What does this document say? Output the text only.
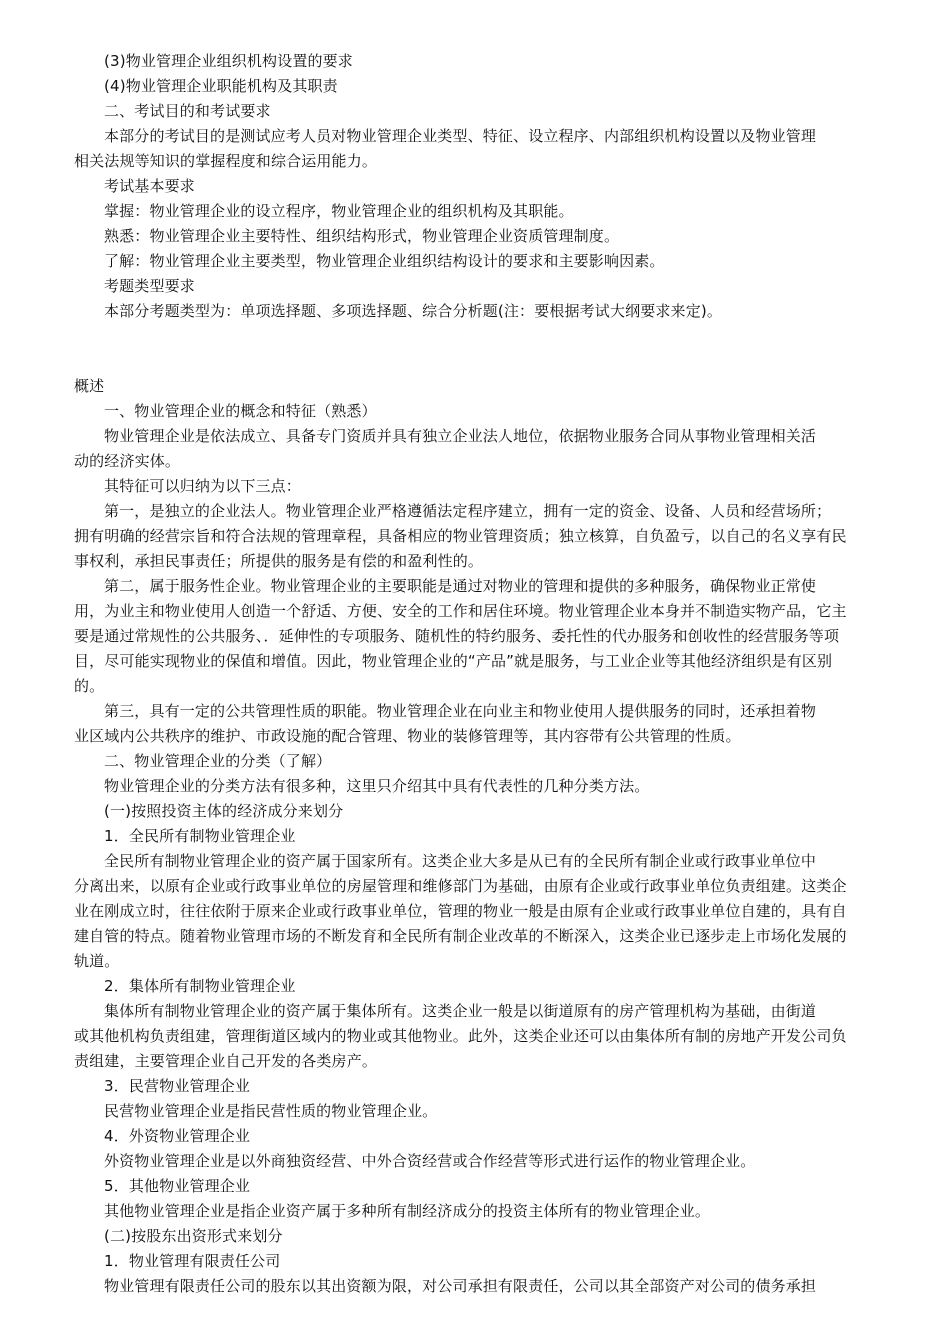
(3)物业管理企业组织机构设置的要求
(4)物业管理企业职能机构及其职责
二、考试目的和考试要求
本部分的考试目的是测试应考人员对物业管理企业类型、特征、设立程序、内部组织机构设置以及物业管理
相关法规等知识的掌握程度和综合运用能力。
考试基本要求
掌握：物业管理企业的设立程序，物业管理企业的组织机构及其职能。
熟悉：物业管理企业主要特性、组织结构形式，物业管理企业资质管理制度。
了解：物业管理企业主要类型，物业管理企业组织结构设计的要求和主要影响因素。
考题类型要求
本部分考题类型为：单项选择题、多项选择题、综合分析题(注：要根据考试大纲要求来定)。
概述
一、物业管理企业的概念和特征（熟悉）
物业管理企业是依法成立、具备专门资质并具有独立企业法人地位，依据物业服务合同从事物业管理相关活
动的经济实体。
其特征可以归纳为以下三点：
第一，是独立的企业法人。物业管理企业严格遵循法定程序建立，拥有一定的资金、设备、人员和经营场所；
拥有明确的经营宗旨和符合法规的管理章程，具备相应的物业管理资质；独立核算，自负盈亏，以自己的名义享有民
事权利，承担民事责任；所提供的服务是有偿的和盈利性的。
第二，属于服务性企业。物业管理企业的主要职能是通过对物业的管理和提供的多种服务，确保物业正常使
用，为业主和物业使用人创造一个舒适、方便、安全的工作和居住环境。物业管理企业本身并不制造实物产品，它主
要是通过常规性的公共服务、．延伸性的专项服务、随机性的特约服务、委托性的代办服务和创收性的经营服务等项
目，尽可能实现物业的保值和增值。因此，物业管理企业的“产品”就是服务，与工业企业等其他经济组织是有区别
的。
第三，具有一定的公共管理性质的职能。物业管理企业在向业主和物业使用人提供服务的同时，还承担着物
业区域内公共秩序的维护、市政设施的配合管理、物业的装修管理等，其内容带有公共管理的性质。
二、物业管理企业的分类（了解）
物业管理企业的分类方法有很多种，这里只介绍其中具有代表性的几种分类方法。
(一)按照投资主体的经济成分来划分
1．全民所有制物业管理企业
全民所有制物业管理企业的资产属于国家所有。这类企业大多是从已有的全民所有制企业或行政事业单位中
分离出来，以原有企业或行政事业单位的房屋管理和维修部门为基础，由原有企业或行政事业单位负责组建。这类企
业在刚成立时，往往依附于原来企业或行政事业单位，管理的物业一般是由原有企业或行政事业单位自建的，具有自
建自管的特点。随着物业管理市场的不断发育和全民所有制企业改革的不断深入，这类企业已逐步走上市场化发展的
轨道。
2．集体所有制物业管理企业
集体所有制物业管理企业的资产属于集体所有。这类企业一般是以街道原有的房产管理机构为基础，由街道
或其他机构负责组建，管理街道区域内的物业或其他物业。此外，这类企业还可以由集体所有制的房地产开发公司负
责组建，主要管理企业自己开发的各类房产。
3．民营物业管理企业
民营物业管理企业是指民营性质的物业管理企业。
4．外资物业管理企业
外资物业管理企业是以外商独资经营、中外合资经营或合作经营等形式进行运作的物业管理企业。
5．其他物业管理企业
其他物业管理企业是指企业资产属于多种所有制经济成分的投资主体所有的物业管理企业。
(二)按股东出资形式来划分
1．物业管理有限责任公司
物业管理有限责任公司的股东以其出资额为限，对公司承担有限责任，公司以其全部资产对公司的债务承担
